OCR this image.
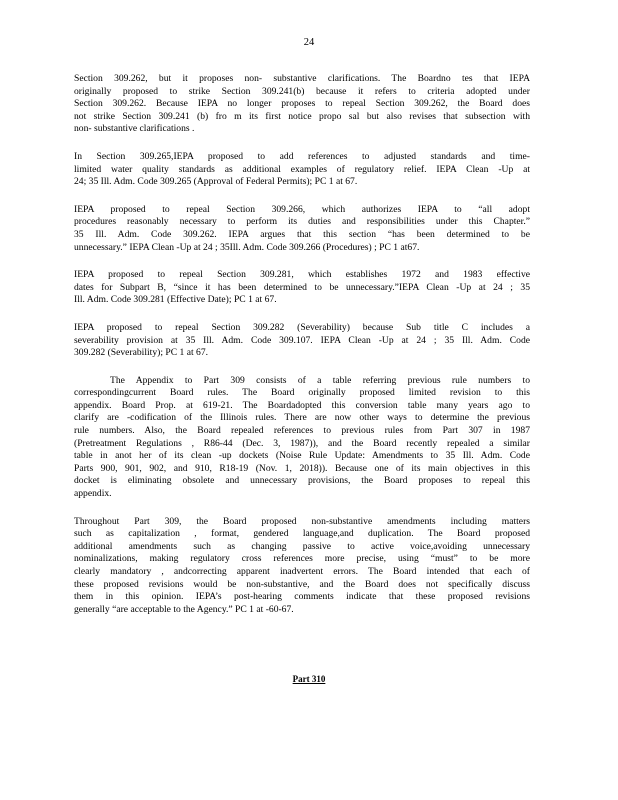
24

Section 309.262, but it proposes non- substantive clarifications. The Boardno tes that IEPA
originally proposed to strike Section 309.241(b) because it refers to criteria adopted under
Section 309.262. Because IEPA no longer proposes to repeal Section 309.262, the Board does
not strike Section 309.241 (b) fro m its first notice propo sal but also revises that subsection with
non- substantive clarifications .

In Section 309.265,IEPA proposed to add references to adjusted standards and time-
limited water quality standards as additional examples of regulatory relief. IEPA Clean -Up at
24; 35 Ill. Adm. Code 309.265 (Approval of Federal Permits); PC 1 at 67.

IEPA proposed to repeal Section 309.266, which authorizes IEPA to “all adopt
procedures reasonably necessary to perform its duties and responsibilities under this Chapter.”
35 Ill. Adm. Code 309.262. IEPA argues that this section “has been determined to be
unnecessary.” IEPA Clean -Up at 24 ; 35Ill. Adm. Code 309.266 (Procedures) ; PC 1 at67.

IEPA proposed to repeal Section 309.281, which establishes 1972 and 1983 effective
dates for Subpart B, “since it has been determined to be unnecessary.”IEPA Clean -Up at 24 ; 35
Ill. Adm. Code 309.281 (Effective Date); PC 1 at 67.

IEPA proposed to repeal Section 309.282 (Severability) because Sub title C includes a
severability provision at 35 Ill. Adm. Code 309.107. IEPA Clean -Up at 24 ; 35 Ill. Adm. Code
309.282 (Severability); PC 1 at 67.

The Appendix to Part 309 consists of a table referring previous rule numbers to
correspondingcurrent Board rules. The Board originally proposed limited revision to this
appendix. Board Prop. at 619-21. The Boardadopted this conversion table many years ago to
clarify are -codification of the Illinois rules. There are now other ways to determine the previous
rule numbers. Also, the Board repealed references to previous rules from Part 307 in 1987
(Pretreatment Regulations , R86-44 (Dec. 3, 1987)), and the Board recently repealed a similar
table in anot her of its clean -up dockets (Noise Rule Update: Amendments to 35 Ill. Adm. Code
Parts 900, 901, 902, and 910, R18-19 (Nov. 1, 2018)). Because one of its main objectives in this
docket is eliminating obsolete and unnecessary provisions, the Board proposes to repeal this
appendix.

Throughout Part 309, the Board proposed non-substantive amendments including matters
such as capitalization , format, gendered language,and duplication. The Board proposed
additional amendments such as changing passive to active voice,avoiding unnecessary
nominalizations, making regulatory cross references more precise, using “must” to be more
clearly mandatory , andcorrecting apparent inadvertent errors. The Board intended that each of
these proposed revisions would be non-substantive, and the Board does not specifically discuss
them in this opinion. IEPA’s post-hearing comments indicate that these proposed revisions
generally “are acceptable to the Agency.” PC 1 at -60-67.

Part 310
